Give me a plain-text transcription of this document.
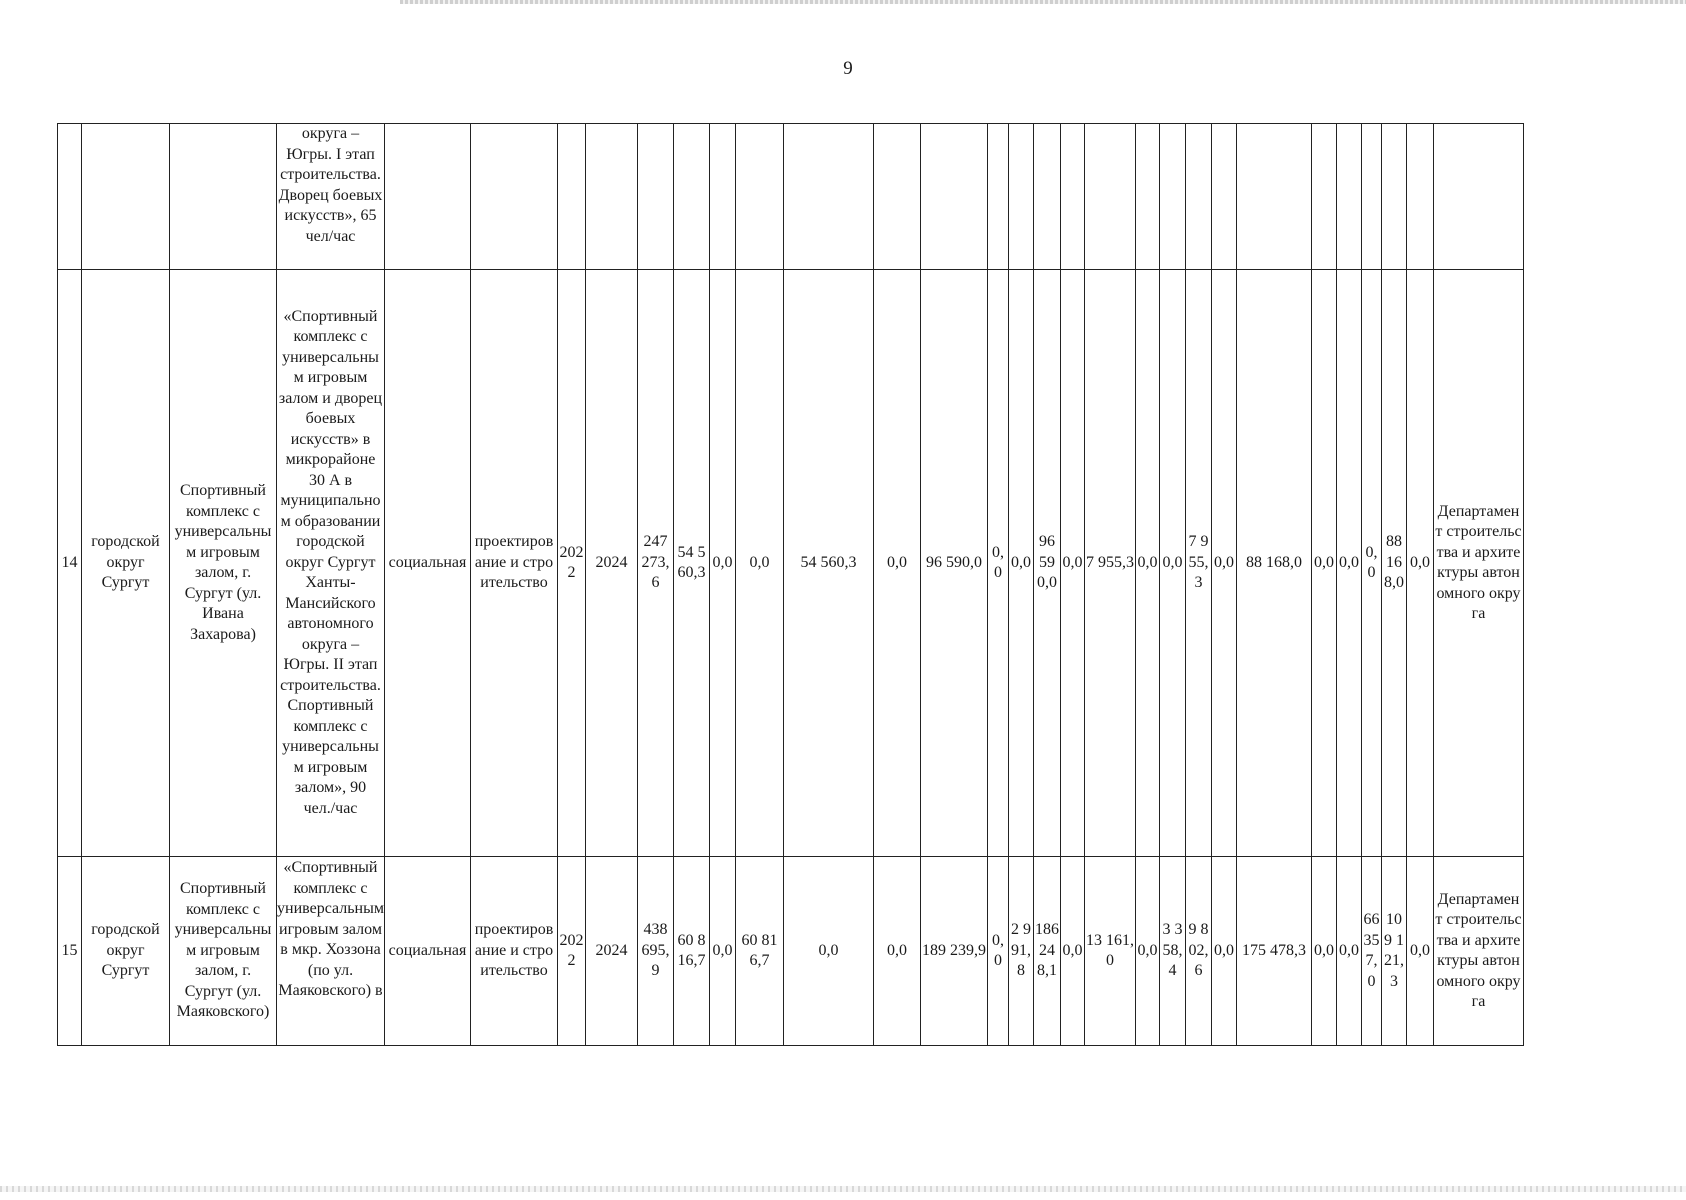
9
			округа – Югры. I этап строительства. Дворец боевых искусств», 65 чел/час																											
14	городской округ Сургут	Спортивный комплекс с универсальным игровым залом, г. Сургут (ул. Ивана Захарова)	«Спортивный комплекс с универсальным игровым залом и дворец боевых искусств» в микрорайоне 30 А в муниципальном образовании городской округ Сургут Ханты-Мансийского автономного округа – Югры. II этап строительства. Спортивный комплекс с универсальным игровым залом», 90 чел./час	социальная	проектирование и строительство	2022	2024	247 273,6	54 560,3	0,0	0,0	54 560,3	0,0	96 590,0	0,0	0,0	96 590,0	0,0	7 955,3	0,0	0,0	7 955,3	0,0	88 168,0	0,0	0,0	0,0	88 168,0	0,0	Департамент строительства и архитектуры автономного округа
15	городской округ Сургут	Спортивный комплекс с универсальным игровым залом, г. Сургут (ул. Маяковского)	«Спортивный комплекс с универсальным игровым залом в мкр. Хоззона (по ул. Маяковского) в	социальная	проектирование и строительство	2022	2024	438 695,9	60 816,7	0,0	60 816,7	0,0	0,0	189 239,9	0,0	2 991,8	186 248,1	0,0	13 161,0	0,0	3 358,4	9 802,6	0,0	175 478,3	0,0	0,0	66 357,0	109 121,3	0,0	Департамент строительства и архитектуры автономного округа
